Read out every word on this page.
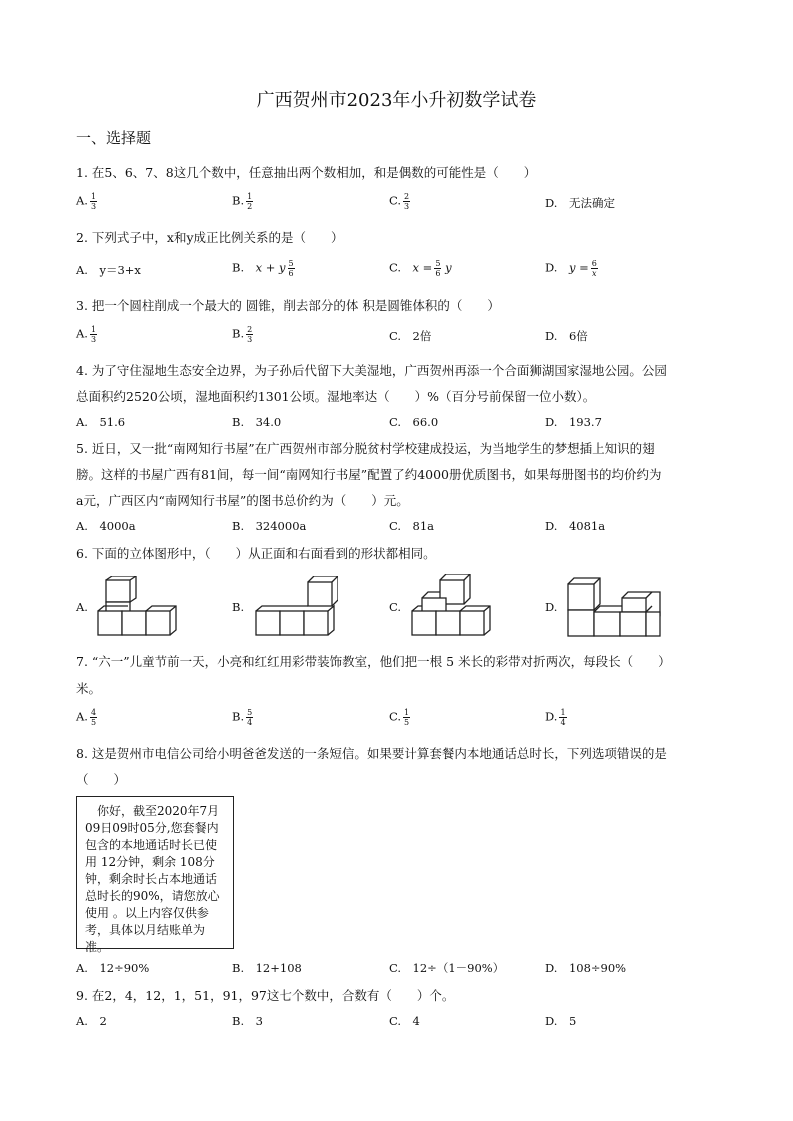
广西贺州市2023年小升初数学试卷
一、选择题
1. 在5、6、7、8这几个数中，任意抽出两个数相加，和是偶数的可能性是（　　）
A. $\frac{1}{3}$	B. $\frac{1}{2}$	C. $\frac{2}{3}$	D.　无法确定
2. 下列式子中，x和y成正比例关系的是（　　）
A.　y＝3+x	B.　𝑥 + 𝑦 $\frac{5}{6}$	C.　𝑥 = $\frac{5}{6}$ 𝑦	D.　𝑦 = $\frac{6}{\text{𝑥}}$
3. 把一个圆柱削成一个最大的 圆锥，削去部分的体 积是圆锥体积的（　　）
A. $\frac{1}{3}$	B. $\frac{2}{3}$	C.　2倍	D.　6倍
4. 为了守住湿地生态安全边界，为子孙后代留下大美湿地，广西贺州再添一个合面狮湖国家湿地公园。公园
总面积约2520公顷，湿地面积约1301公顷。湿地率达（　　）%（百分号前保留一位小数）。
A.　51.6	B.　34.0	C.　66.0	D.　193.7
5. 近日，又一批“南网知行书屋”在广西贺州市部分脱贫村学校建成投运，为当地学生的梦想插上知识的翅
膀。这样的书屋广西有81间，每一间“南网知行书屋”配置了约4000册优质图书，如果每册图书的均价约为
a元，广西区内“南网知行书屋”的图书总价约为（　　）元。
A.　4000a	B.　324000a	C.　81a	D.　4081a
6. 下面的立体图形中，（　　）从正面和右面看到的形状都相同。
A.	B.	C.	D.
7. “六一”儿童节前一天，小亮和红红用彩带装饰教室，他们把一根 5 米长的彩带对折两次，每段长（　　）
米。
A. $\frac{4}{5}$	B. $\frac{5}{4}$	C. $\frac{1}{5}$	D. $\frac{1}{4}$
8. 这是贺州市电信公司给小明爸爸发送的一条短信。如果要计算套餐内本地通话总时长，下列选项错误的是
（　　）

　你好，截至2020年7月09日09时05分,您套餐内包含的本地通话时长已使用 12分钟，剩余 108分钟，剩余时长占本地通话总时长的90%，请您放心使用 。以上内容仅供参考，具体以月结账单为准。

A.　12÷90%	B.　12+108	C.　12÷（1－90%）	D.　108÷90%
9. 在2，4，12，1，51，91，97这七个数中，合数有（　　）个。
A.　2	B.　3	C.　4	D.　5
